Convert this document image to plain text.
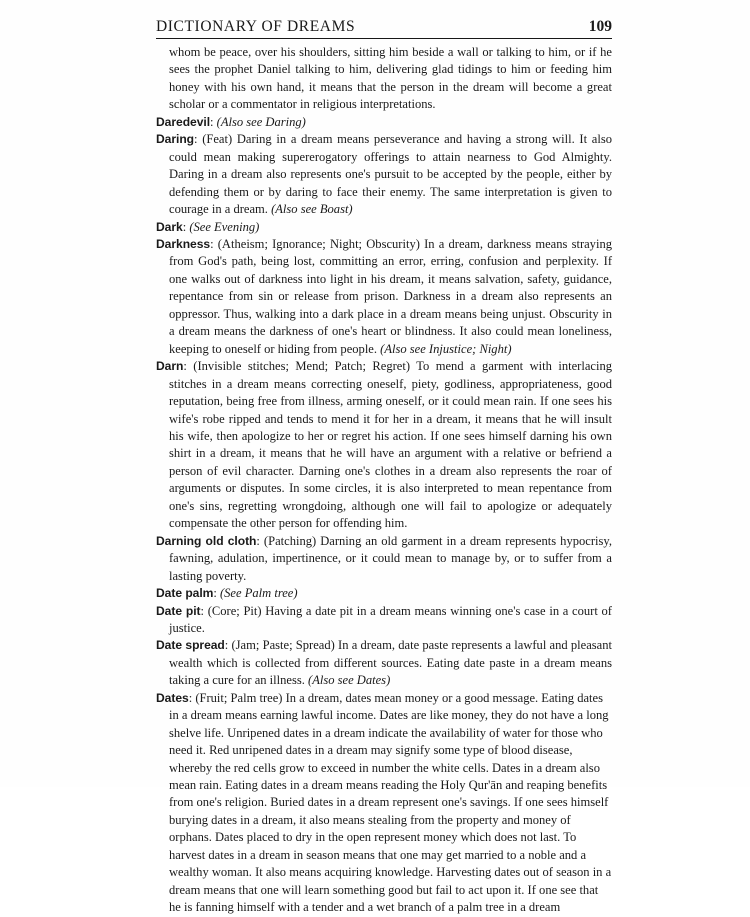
DICTIONARY OF DREAMS	109

whom be peace, over his shoulders, sitting him beside a wall or talking to him, or if he sees the prophet Daniel talking to him, delivering glad tidings to him or feeding him honey with his own hand, it means that the person in the dream will become a great scholar or a commentator in religious interpretations.

Daredevil: (Also see Daring)

Daring: (Feat) Daring in a dream means perseverance and having a strong will. It also could mean making supererogatory offerings to attain nearness to God Almighty. Daring in a dream also represents one's pursuit to be accepted by the people, either by defending them or by daring to face their enemy. The same interpretation is given to courage in a dream. (Also see Boast)

Dark: (See Evening)

Darkness: (Atheism; Ignorance; Night; Obscurity) In a dream, darkness means straying from God's path, being lost, committing an error, erring, confusion and perplexity. If one walks out of darkness into light in his dream, it means salvation, safety, guidance, repentance from sin or release from prison. Darkness in a dream also represents an oppressor. Thus, walking into a dark place in a dream means being unjust. Obscurity in a dream means the darkness of one's heart or blindness. It also could mean loneliness, keeping to oneself or hiding from people. (Also see Injustice; Night)

Darn: (Invisible stitches; Mend; Patch; Regret) To mend a garment with interlacing stitches in a dream means correcting oneself, piety, godliness, appropriateness, good reputation, being free from illness, arming oneself, or it could mean rain. If one sees his wife's robe ripped and tends to mend it for her in a dream, it means that he will insult his wife, then apologize to her or regret his action. If one sees himself darning his own shirt in a dream, it means that he will have an argument with a relative or befriend a person of evil character. Darning one's clothes in a dream also represents the roar of arguments or disputes. In some circles, it is also interpreted to mean repentance from one's sins, regretting wrongdoing, although one will fail to apologize or adequately compensate the other person for offending him.

Darning old cloth: (Patching) Darning an old garment in a dream represents hypocrisy, fawning, adulation, impertinence, or it could mean to manage by, or to suffer from a lasting poverty.

Date palm: (See Palm tree)

Date pit: (Core; Pit) Having a date pit in a dream means winning one's case in a court of justice.

Date spread: (Jam; Paste; Spread) In a dream, date paste represents a lawful and pleasant wealth which is collected from different sources. Eating date paste in a dream means taking a cure for an illness. (Also see Dates)

Dates: (Fruit; Palm tree) In a dream, dates mean money or a good message. Eating dates in a dream means earning lawful income. Dates are like money, they do not have a long shelve life. Unripened dates in a dream indicate the availability of water for those who need it. Red unripened dates in a dream may signify some type of blood disease, whereby the red cells grow to exceed in number the white cells. Dates in a dream also mean rain. Eating dates in a dream means reading the Holy Qur'ān and reaping benefits from one's religion. Buried dates in a dream represent one's savings. If one sees himself burying dates in a dream, it also means stealing from the property and money of orphans. Dates placed to dry in the open represent money which does not last. To harvest dates in a dream in season means that one may get married to a noble and a wealthy woman. It also means acquiring knowledge. Harvesting dates out of season in a dream means that one will learn something good but fail to act upon it. If one see that he is fanning himself with a tender and a wet branch of a palm tree in a dream
